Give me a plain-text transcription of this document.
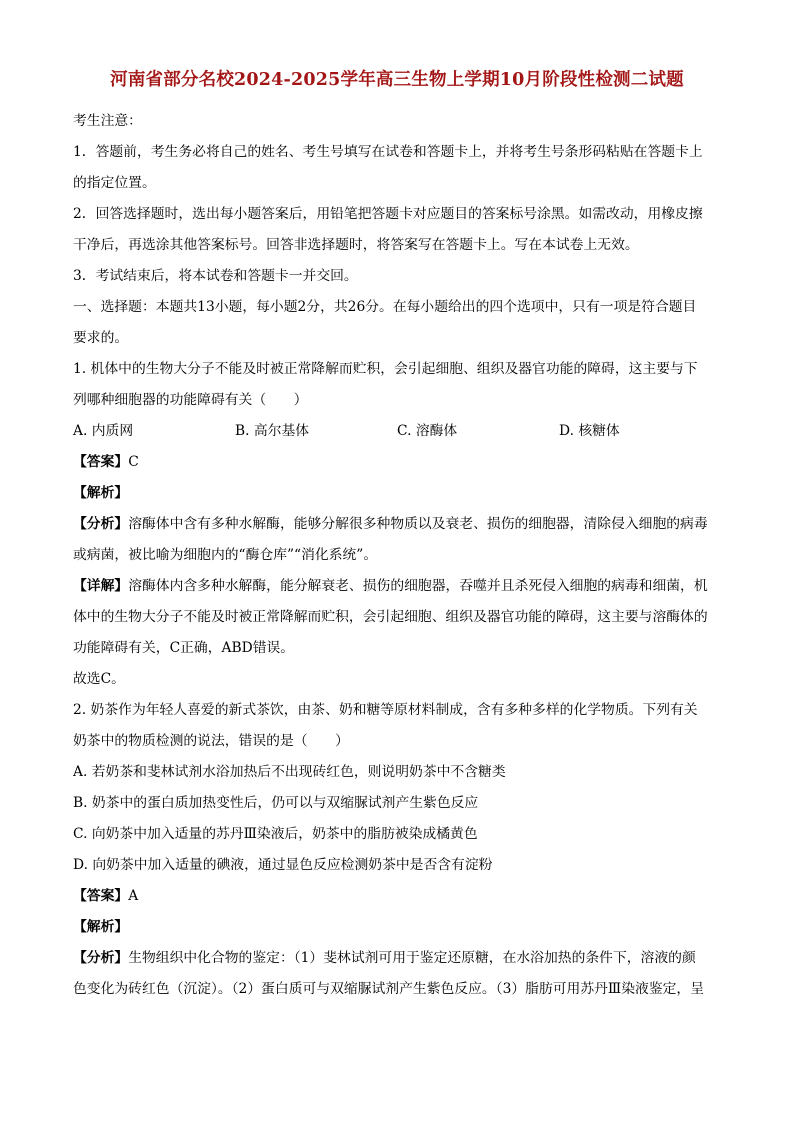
河南省部分名校2024-2025学年高三生物上学期10月阶段性检测二试题
考生注意：
1．答题前，考生务必将自己的姓名、考生号填写在试卷和答题卡上，并将考生号条形码粘贴在答题卡上
的指定位置。
2．回答选择题时，选出每小题答案后，用铅笔把答题卡对应题目的答案标号涂黑。如需改动，用橡皮擦
干净后，再选涂其他答案标号。回答非选择题时，将答案写在答题卡上。写在本试卷上无效。
3．考试结束后，将本试卷和答题卡一并交回。
一、选择题：本题共13小题，每小题2分，共26分。在每小题给出的四个选项中，只有一项是符合题目
要求的。
1. 机体中的生物大分子不能及时被正常降解而贮积，会引起细胞、组织及器官功能的障碍，这主要与下
列哪种细胞器的功能障碍有关（　　）
A. 内质网	B. 高尔基体	C. 溶酶体	D. 核糖体
【答案】C
【解析】
【分析】溶酶体中含有多种水解酶，能够分解很多种物质以及衰老、损伤的细胞器，清除侵入细胞的病毒
或病菌，被比喻为细胞内的“酶仓库”“消化系统”。
【详解】溶酶体内含多种水解酶，能分解衰老、损伤的细胞器，吞噬并且杀死侵入细胞的病毒和细菌，机
体中的生物大分子不能及时被正常降解而贮积，会引起细胞、组织及器官功能的障碍，这主要与溶酶体的
功能障碍有关，C正确，ABD错误。
故选C。
2. 奶茶作为年轻人喜爱的新式茶饮，由茶、奶和糖等原材料制成，含有多种多样的化学物质。下列有关
奶茶中的物质检测的说法，错误的是（　　）
A. 若奶茶和斐林试剂水浴加热后不出现砖红色，则说明奶茶中不含糖类
B. 奶茶中的蛋白质加热变性后，仍可以与双缩脲试剂产生紫色反应
C. 向奶茶中加入适量的苏丹Ⅲ染液后，奶茶中的脂肪被染成橘黄色
D. 向奶茶中加入适量的碘液，通过显色反应检测奶茶中是否含有淀粉
【答案】A
【解析】
【分析】生物组织中化合物的鉴定：（1）斐林试剂可用于鉴定还原糖，在水浴加热的条件下，溶液的颜
色变化为砖红色（沉淀）。（2）蛋白质可与双缩脲试剂产生紫色反应。（3）脂肪可用苏丹Ⅲ染液鉴定，呈
